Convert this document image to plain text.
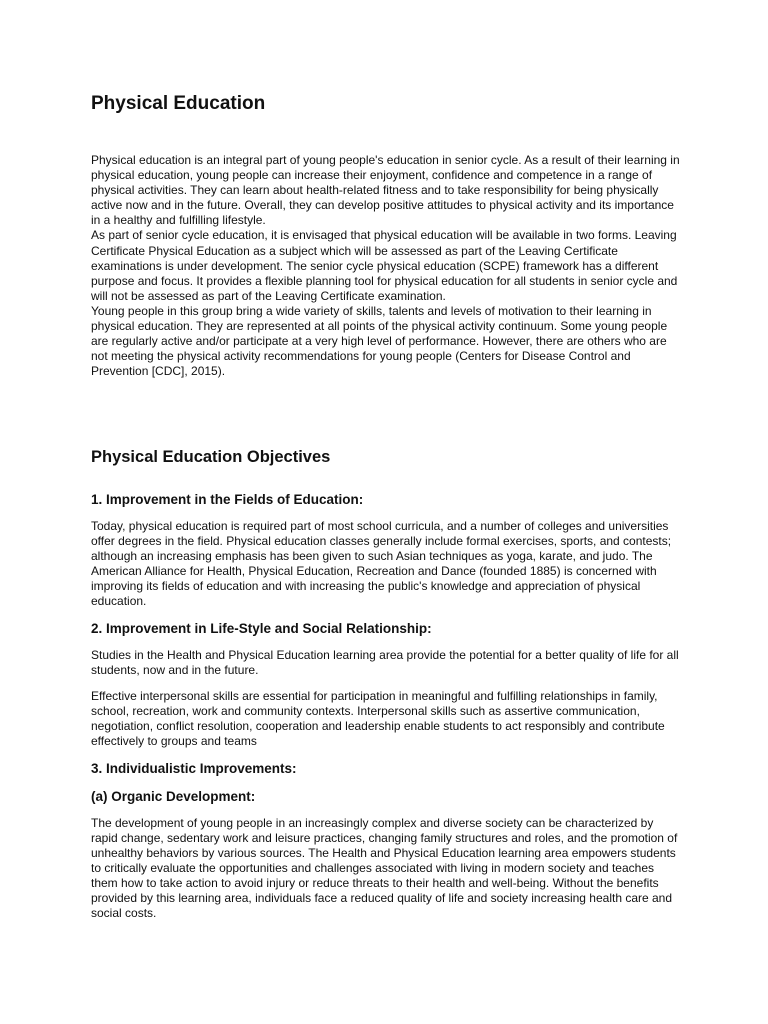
Physical Education

Physical education is an integral part of young people's education in senior cycle. As a result of their learning in physical education, young people can increase their enjoyment, confidence and competence in a range of physical activities. They can learn about health-related fitness and to take responsibility for being physically active now and in the future. Overall, they can develop positive attitudes to physical activity and its importance in a healthy and fulfilling lifestyle.

As part of senior cycle education, it is envisaged that physical education will be available in two forms. Leaving Certificate Physical Education as a subject which will be assessed as part of the Leaving Certificate examinations is under development. The senior cycle physical education (SCPE) framework has a different purpose and focus. It provides a flexible planning tool for physical education for all students in senior cycle and will not be assessed as part of the Leaving Certificate examination.

Young people in this group bring a wide variety of skills, talents and levels of motivation to their learning in physical education. They are represented at all points of the physical activity continuum. Some young people are regularly active and/or participate at a very high level of performance. However, there are others who are not meeting the physical activity recommendations for young people (Centers for Disease Control and Prevention [CDC], 2015).

Physical Education Objectives
1. Improvement in the Fields of Education:

Today, physical education is required part of most school curricula, and a number of colleges and universities offer degrees in the field. Physical education classes generally include formal exercises, sports, and contests; although an increasing emphasis has been given to such Asian techniques as yoga, karate, and judo. The American Alliance for Health, Physical Education, Recreation and Dance (founded 1885) is concerned with improving its fields of education and with increasing the public's knowledge and appreciation of physical education.

2. Improvement in Life-Style and Social Relationship:

Studies in the Health and Physical Education learning area provide the potential for a better quality of life for all students, now and in the future.

Effective interpersonal skills are essential for participation in meaningful and fulfilling relationships in family, school, recreation, work and community contexts. Interpersonal skills such as assertive communication, negotiation, conflict resolution, cooperation and leadership enable students to act responsibly and contribute effectively to groups and teams

3. Individualistic Improvements:
(a) Organic Development:

The development of young people in an increasingly complex and diverse society can be characterized by rapid change, sedentary work and leisure practices, changing family structures and roles, and the promotion of unhealthy behaviors by various sources. The Health and Physical Education learning area empowers students to critically evaluate the opportunities and challenges associated with living in modern society and teaches them how to take action to avoid injury or reduce threats to their health and well-being. Without the benefits provided by this learning area, individuals face a reduced quality of life and society increasing health care and social costs.
